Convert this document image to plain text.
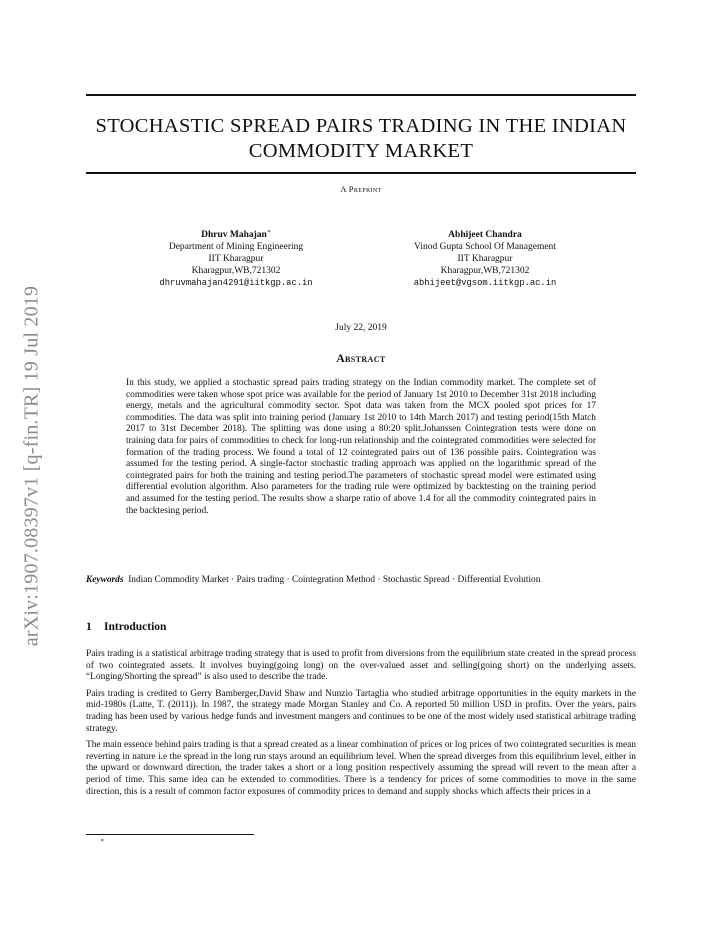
arXiv:1907.08397v1 [q-fin.TR] 19 Jul 2019
STOCHASTIC SPREAD PAIRS TRADING IN THE INDIAN
COMMODITY MARKET
A Preprint
Dhruv Mahajan∗
Department of Mining Engineering
IIT Kharagpur
Kharagpur,WB,721302
dhruvmahajan4291@iitkgp.ac.in
Abhijeet Chandra
Vinod Gupta School Of Management
IIT Kharagpur
Kharagpur,WB,721302
abhijeet@vgsom.iitkgp.ac.in
July 22, 2019
Abstract
In this study, we applied a stochastic spread pairs trading strategy on the Indian commodity market. The complete set of commodities were taken whose spot price was available for the period of January 1st 2010 to December 31st 2018 including energy, metals and the agricultural commodity sector. Spot data was taken from the MCX pooled spot prices for 17 commodities. The data was split into training period (January 1st 2010 to 14th March 2017) and testing period(15th Match 2017 to 31st December 2018). The splitting was done using a 80:20 split.Johanssen Cointegration tests were done on training data for pairs of commodities to check for long-run relationship and the cointegrated commodities were selected for formation of the trading process. We found a total of 12 cointegrated pairs out of 136 possible pairs. Cointegration was assumed for the testing period. A single-factor stochastic trading approach was applied on the logarithmic spread of the cointegrated pairs for both the training and testing period.The parameters of stochastic spread model were estimated using differential evolution algorithm. Also parameters for the trading rule were optimized by backtesting on the training period and assumed for the testing period. The results show a sharpe ratio of above 1.4 for all the commodity cointegrated pairs in the backtesing period.
Keywords Indian Commodity Market · Pairs trading · Cointegration Method · Stochastic Spread · Differential Evolution
1 Introduction

Pairs trading is a statistical arbitrage trading strategy that is used to profit from diversions from the equilibrium state created in the spread process of two cointegrated assets. It involves buying(going long) on the over-valued asset and selling(going short) on the underlying assets. “Longing/Shorting the spread” is also used to describe the trade.

Pairs trading is credited to Gerry Bamberger,David Shaw and Nunzio Tartaglia who studied arbitrage opportunities in the equity markets in the mid-1980s (Latte, T. (2011)). In 1987, the strategy made Morgan Stanley and Co. A reported 50 million USD in profits. Over the years, pairs trading has been used by various hedge funds and investment mangers and continues to be one of the most widely used statistical arbitrage trading strategy.

The main essence behind pairs trading is that a spread created as a linear combination of prices or log prices of two cointegrated securities is mean reverting in nature i.e the spread in the long run stays around an equilibrium level. When the spread diverges from this equilibrium level, either in the upward or downward direction, the trader takes a short or a long position respectively assuming the spread will revert to the mean after a period of time. This same idea can be extended to commodities. There is a tendency for prices of some commodities to move in the same direction, this is a result of common factor exposures of commodity prices to demand and supply shocks which affects their prices in a

∗
